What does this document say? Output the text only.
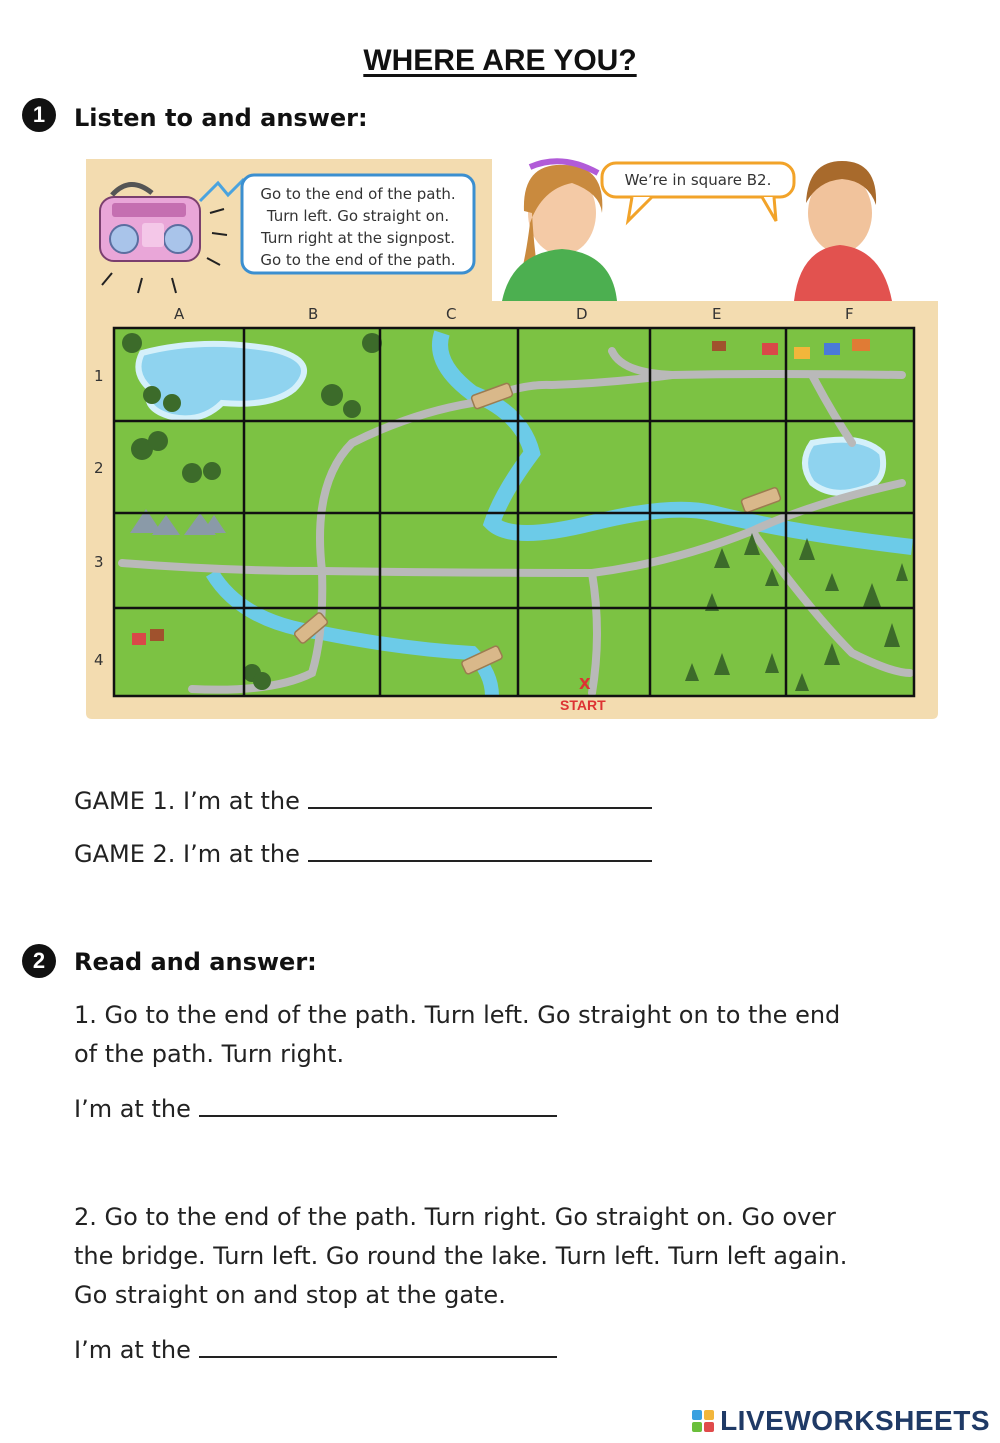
WHERE ARE YOU?
1 Listen to and answer:
Go to the end of the path.
Turn left. Go straight on.
Turn right at the signpost.
Go to the end of the path.
We’re in square B2.
A	B	C	D	E	F
1
2
3
4
X
START
GAME 1. I’m at the
GAME 2. I’m at the
2 Read and answer:
1. Go to the end of the path. Turn left. Go straight on to the end
of the path. Turn right.
I’m at the
2. Go to the end of the path. Turn right. Go straight on. Go over
the bridge. Turn left. Go round the lake. Turn left. Turn left again.
Go straight on and stop at the gate.
I’m at the
LIVEWORKSHEETS
